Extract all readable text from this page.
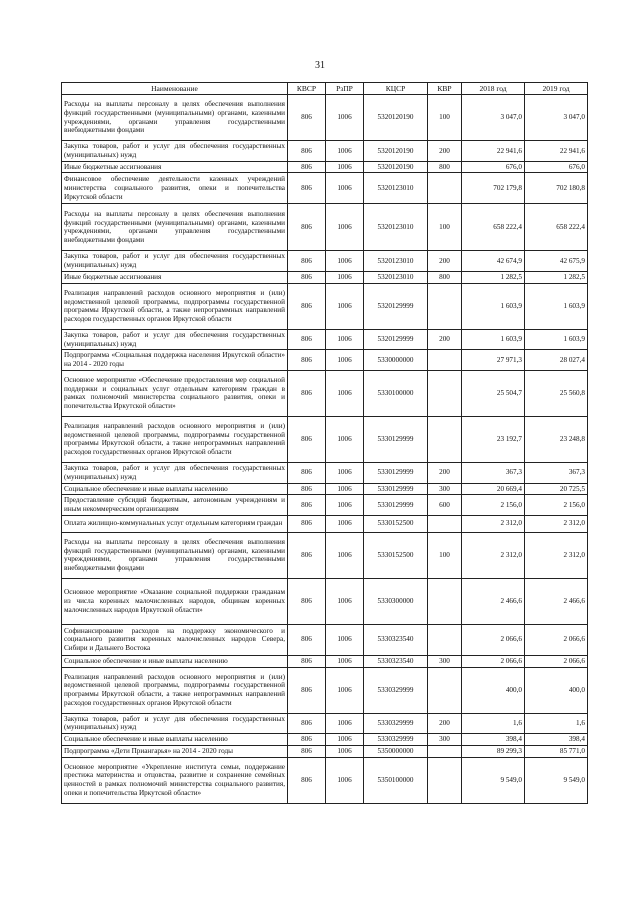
31
Наименование	КВСР	РзПР	КЦСР	КВР	2018 год	2019 год
Расходы на выплаты персоналу в целях обеспечения выполнения функций государственными (муниципальными) органами, казенными учреждениями, органами управления государственными внебюджетными фондами	806	1006	5320120190	100	3 047,0	3 047,0
Закупка товаров, работ и услуг для обеспечения государственных (муниципальных) нужд	806	1006	5320120190	200	22 941,6	22 941,6
Иные бюджетные ассигнования	806	1006	5320120190	800	676,0	676,0
Финансовое обеспечение деятельности казенных учреждений министерства социального развития, опеки и попечительства Иркутской области	806	1006	5320123010		702 179,8	702 180,8
Расходы на выплаты персоналу в целях обеспечения выполнения функций государственными (муниципальными) органами, казенными учреждениями, органами управления государственными внебюджетными фондами	806	1006	5320123010	100	658 222,4	658 222,4
Закупка товаров, работ и услуг для обеспечения государственных (муниципальных) нужд	806	1006	5320123010	200	42 674,9	42 675,9
Иные бюджетные ассигнования	806	1006	5320123010	800	1 282,5	1 282,5
Реализация направлений расходов основного мероприятия и (или) ведомственной целевой программы, подпрограммы государственной программы Иркутской области, а также непрограммных направлений расходов государственных органов Иркутской области	806	1006	5320129999		1 603,9	1 603,9
Закупка товаров, работ и услуг для обеспечения государственных (муниципальных) нужд	806	1006	5320129999	200	1 603,9	1 603,9
Подпрограмма «Социальная поддержка населения Иркутской области» на 2014 - 2020 годы	806	1006	5330000000		27 971,3	28 027,4
Основное мероприятие «Обеспечение предоставления мер социальной поддержки и социальных услуг отдельным категориям граждан в рамках полномочий министерства социального развития, опеки и попечительства Иркутской области»	806	1006	5330100000		25 504,7	25 560,8
Реализация направлений расходов основного мероприятия и (или) ведомственной целевой программы, подпрограммы государственной программы Иркутской области, а также непрограммных направлений расходов государственных органов Иркутской области	806	1006	5330129999		23 192,7	23 248,8
Закупка товаров, работ и услуг для обеспечения государственных (муниципальных) нужд	806	1006	5330129999	200	367,3	367,3
Социальное обеспечение и иные выплаты населению	806	1006	5330129999	300	20 669,4	20 725,5
Предоставление субсидий бюджетным, автономным учреждениям и иным некоммерческим организациям	806	1006	5330129999	600	2 156,0	2 156,0
Оплата жилищно-коммунальных услуг отдельным категориям граждан	806	1006	5330152500		2 312,0	2 312,0
Расходы на выплаты персоналу в целях обеспечения выполнения функций государственными (муниципальными) органами, казенными учреждениями, органами управления государственными внебюджетными фондами	806	1006	5330152500	100	2 312,0	2 312,0
Основное мероприятие «Оказание социальной поддержки гражданам из числа коренных малочисленных народов, общинам коренных малочисленных народов Иркутской области»	806	1006	5330300000		2 466,6	2 466,6
Софинансирование расходов на поддержку экономического и социального развития коренных малочисленных народов Севера, Сибири и Дальнего Востока	806	1006	5330323540		2 066,6	2 066,6
Социальное обеспечение и иные выплаты населению	806	1006	5330323540	300	2 066,6	2 066,6
Реализация направлений расходов основного мероприятия и (или) ведомственной целевой программы, подпрограммы государственной программы Иркутской области, а также непрограммных направлений расходов государственных органов Иркутской области	806	1006	5330329999		400,0	400,0
Закупка товаров, работ и услуг для обеспечения государственных (муниципальных) нужд	806	1006	5330329999	200	1,6	1,6
Социальное обеспечение и иные выплаты населению	806	1006	5330329999	300	398,4	398,4
Подпрограмма «Дети Приангарья» на 2014 - 2020 годы	806	1006	5350000000		89 299,3	85 771,0
Основное мероприятие «Укрепление института семьи, поддержание престижа материнства и отцовства, развитие и сохранение семейных ценностей в рамках полномочий министерства социального развития, опеки и попечительства Иркутской области»	806	1006	5350100000		9 549,0	9 549,0
